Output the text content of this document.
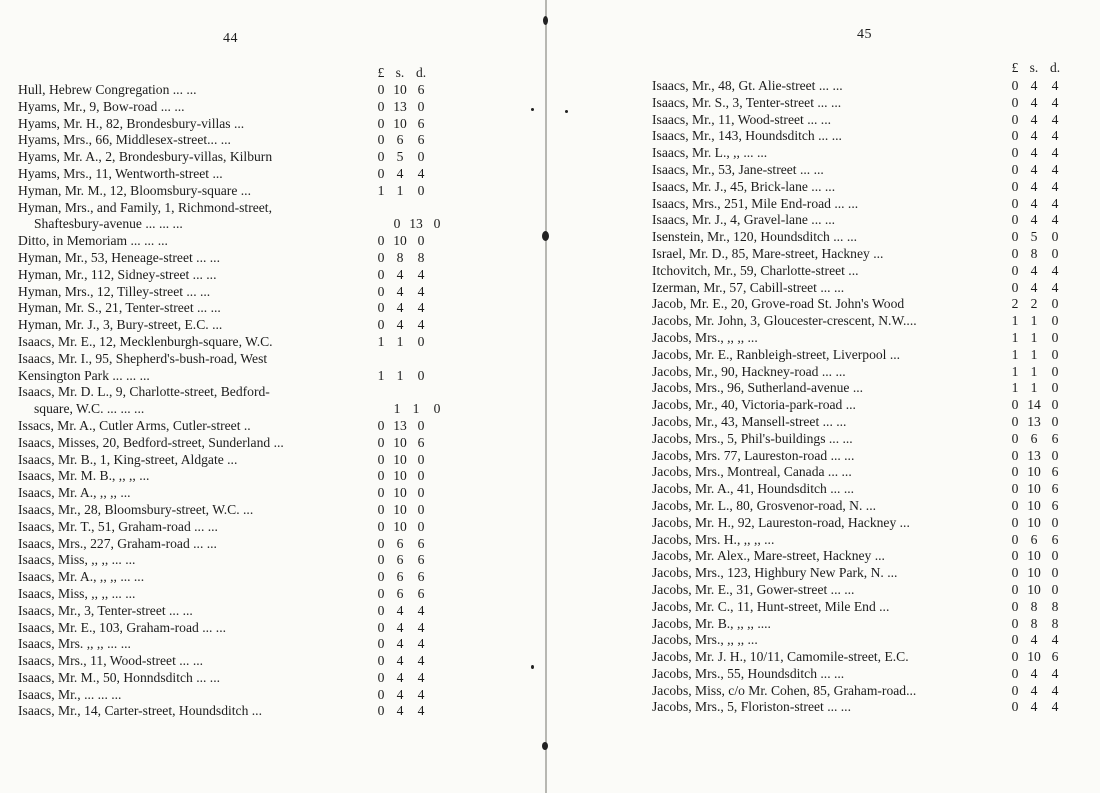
44
£ s. d.
Hull, Hebrew Congregation ... ...	0 10 6
Hyams, Mr., 9, Bow-road ... ...	0 13 0
Hyams, Mr. H., 82, Brondesbury-villas ...	0 10 6
Hyams, Mrs., 66, Middlesex-street... ...	0 6	6
Hyams, Mr. A., 2, Brondesbury-villas, Kilburn	0 5	0
Hyams, Mrs., 11, Wentworth-street ...	0 4	4
Hyman, Mr. M., 12, Bloomsbury-square ...	1 1	0
Hyman, Mrs., and Family, 1, Richmond-street,
Shaftesbury-avenue ... ... ...	0 13 0
Ditto, in Memoriam ... ... ...	0 10 0
Hyman, Mr., 53, Heneage-street ... ...	0 8	8
Hyman, Mr., 112, Sidney-street ... ...	0 4	4
Hyman, Mrs., 12, Tilley-street ... ...	0 4	4
Hyman, Mr. S., 21, Tenter-street ... ...	0 4	4
Hyman, Mr. J., 3, Bury-street, E.C. ...	0 4	4
Isaacs, Mr. E., 12, Mecklenburgh-square, W.C.	1 1	0
Isaacs, Mr. I., 95, Shepherd's-bush-road, West
Kensington Park ... ... ...	1 1	0
Isaacs, Mr. D. L., 9, Charlotte-street, Bedford-
square, W.C. ... ... ...	1 1	0
Issacs, Mr. A., Cutler Arms, Cutler-street ..	0 13 0
Isaacs, Misses, 20, Bedford-street, Sunderland ...	0 10 6
Isaacs, Mr. B., 1, King-street, Aldgate ...	0 10 0
Isaacs, Mr. M. B., ,, ,, ...	0 10 0
Isaacs, Mr. A., ,, ,, ...	0 10 0
Isaacs, Mr., 28, Bloomsbury-street, W.C. ...	0 10 0
Isaacs, Mr. T., 51, Graham-road ... ...	0 10 0
Isaacs, Mrs., 227, Graham-road ... ...	0 6	6
Isaacs, Miss, ,, ,, ... ...	0 6	6
Isaacs, Mr. A., ,, ,, ... ...	0 6	6
Isaacs, Miss, ,, ,, ... ...	0 6	6
Isaacs, Mr., 3, Tenter-street ... ...	0 4	4
Isaacs, Mr. E., 103, Graham-road ... ...	0 4	4
Isaacs, Mrs. ,, ,, ... ...	0 4	4
Isaacs, Mrs., 11, Wood-street ... ...	0 4	4
Isaacs, Mr. M., 50, Honndsditch ... ...	0 4	4
Isaacs, Mr., ... ... ...	0 4	4
Isaacs, Mr., 14, Carter-street, Houndsditch ...	0 4	4
45
£ s. d.
Isaacs, Mr., 48, Gt. Alie-street ... ...	0 4	4
Isaacs, Mr. S., 3, Tenter-street ... ...	0 4	4
Isaacs, Mr., 11, Wood-street ... ...	0 4	4
Isaacs, Mr., 143, Houndsditch ... ...	0 4	4
Isaacs, Mr. L., ,, ... ...	0 4	4
Isaacs, Mr., 53, Jane-street ... ...	0 4	4
Isaacs, Mr. J., 45, Brick-lane ... ...	0 4	4
Isaacs, Mrs., 251, Mile End-road ... ...	0 4	4
Isaacs, Mr. J., 4, Gravel-lane ... ...	0 4	4
Isenstein, Mr., 120, Houndsditch ... ...	0 5	0
Israel, Mr. D., 85, Mare-street, Hackney ...	0 8	0
Itchovitch, Mr., 59, Charlotte-street ...	0 4	4
Izerman, Mr., 57, Cabill-street ... ...	0 4	4
Jacob, Mr. E., 20, Grove-road St. John's Wood	2 2	0
Jacobs, Mr. John, 3, Gloucester-crescent, N.W....	1 1	0
Jacobs, Mrs., ,, ,, ...	1 1	0
Jacobs, Mr. E., Ranbleigh-street, Liverpool ...	1 1	0
Jacobs, Mr., 90, Hackney-road ... ...	1 1	0
Jacobs, Mrs., 96, Sutherland-avenue ...	1 1	0
Jacobs, Mr., 40, Victoria-park-road ...	0 14 0
Jacobs, Mr., 43, Mansell-street ... ...	0 13 0
Jacobs, Mrs., 5, Phil's-buildings ... ...	0 6	6
Jacobs, Mrs. 77, Laureston-road ... ...	0 13 0
Jacobs, Mrs., Montreal, Canada ... ...	0 10 6
Jacobs, Mr. A., 41, Houndsditch ... ...	0 10 6
Jacobs, Mr. L., 80, Grosvenor-road, N. ...	0 10 6
Jacobs, Mr. H., 92, Laureston-road, Hackney ...	0 10 0
Jacobs, Mrs. H., ,, ,, ...	0 6	6
Jacobs, Mr. Alex., Mare-street, Hackney ...	0 10 0
Jacobs, Mrs., 123, Highbury New Park, N. ...	0 10 0
Jacobs, Mr. E., 31, Gower-street ... ...	0 10 0
Jacobs, Mr. C., 11, Hunt-street, Mile End ...	0 8	8
Jacobs, Mr. B., ,, ,, ....	0 8	8
Jacobs, Mrs., ,, ,, ...	0 4	4
Jacobs, Mr. J. H., 10/11, Camomile-street, E.C.	0 10 6
Jacobs, Mrs., 55, Houndsditch ... ...	0 4	4
Jacobs, Miss, c/o Mr. Cohen, 85, Graham-road...	0 4	4
Jacobs, Mrs., 5, Floriston-street ... ...	0 4	4
